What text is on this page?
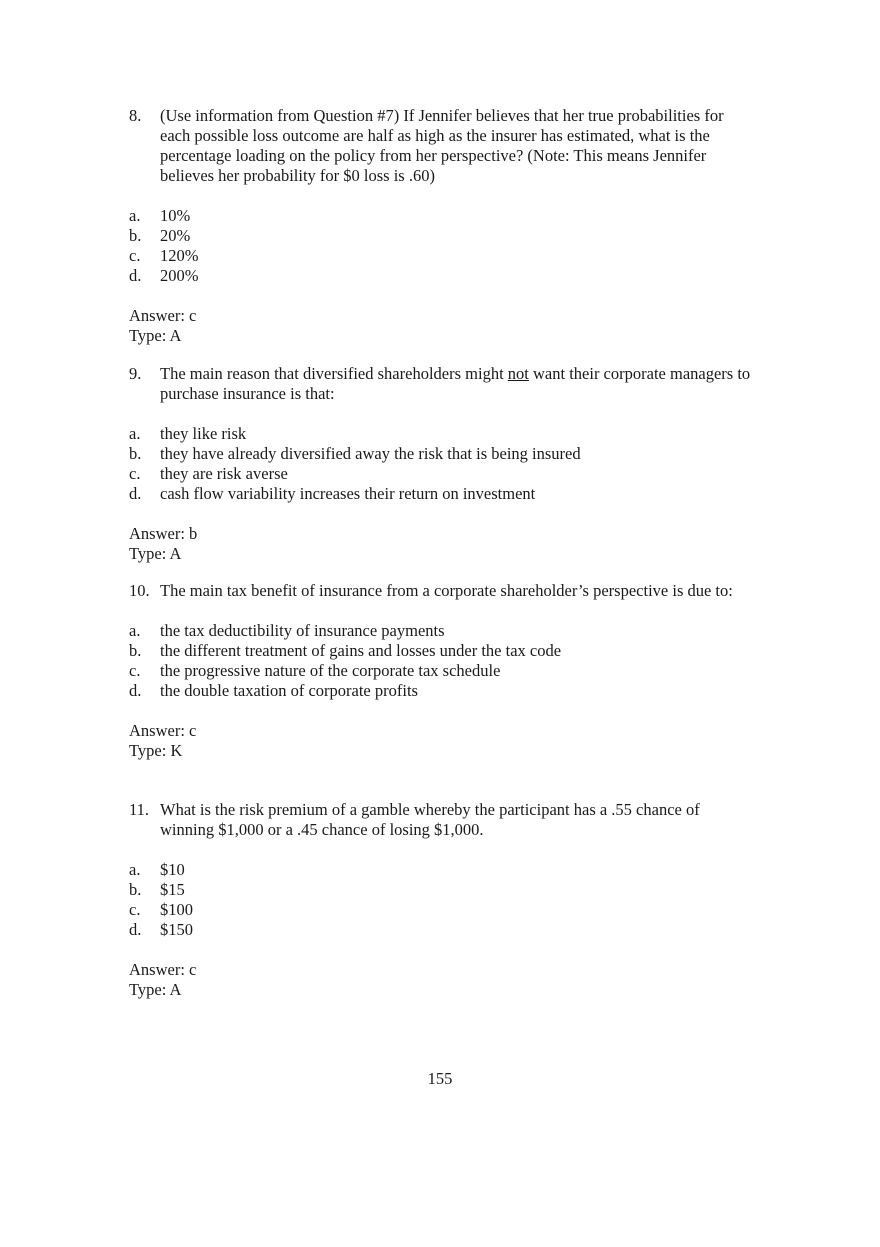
8.	(Use information from Question #7) If Jennifer believes that her true probabilities for each possible loss outcome are half as high as the insurer has estimated, what is the percentage loading on the policy from her perspective? (Note: This means Jennifer believes her probability for $0 loss is .60)
a.	10%
b.	20%
c.	120%
d.	200%
Answer: c
Type: A
9.	The main reason that diversified shareholders might not want their corporate managers to purchase insurance is that:
a.	they like risk
b.	they have already diversified away the risk that is being insured
c.	they are risk averse
d.	cash flow variability increases their return on investment
Answer: b
Type: A
10. The main tax benefit of insurance from a corporate shareholder’s perspective is due to:
a.	the tax deductibility of insurance payments
b.	the different treatment of gains and losses under the tax code
c.	the progressive nature of the corporate tax schedule
d.	the double taxation of corporate profits
Answer: c
Type: K
11. What is the risk premium of a gamble whereby the participant has a .55 chance of winning $1,000 or a .45 chance of losing $1,000.
a.	$10
b.	$15
c.	$100
d.	$150
Answer: c
Type: A
155
